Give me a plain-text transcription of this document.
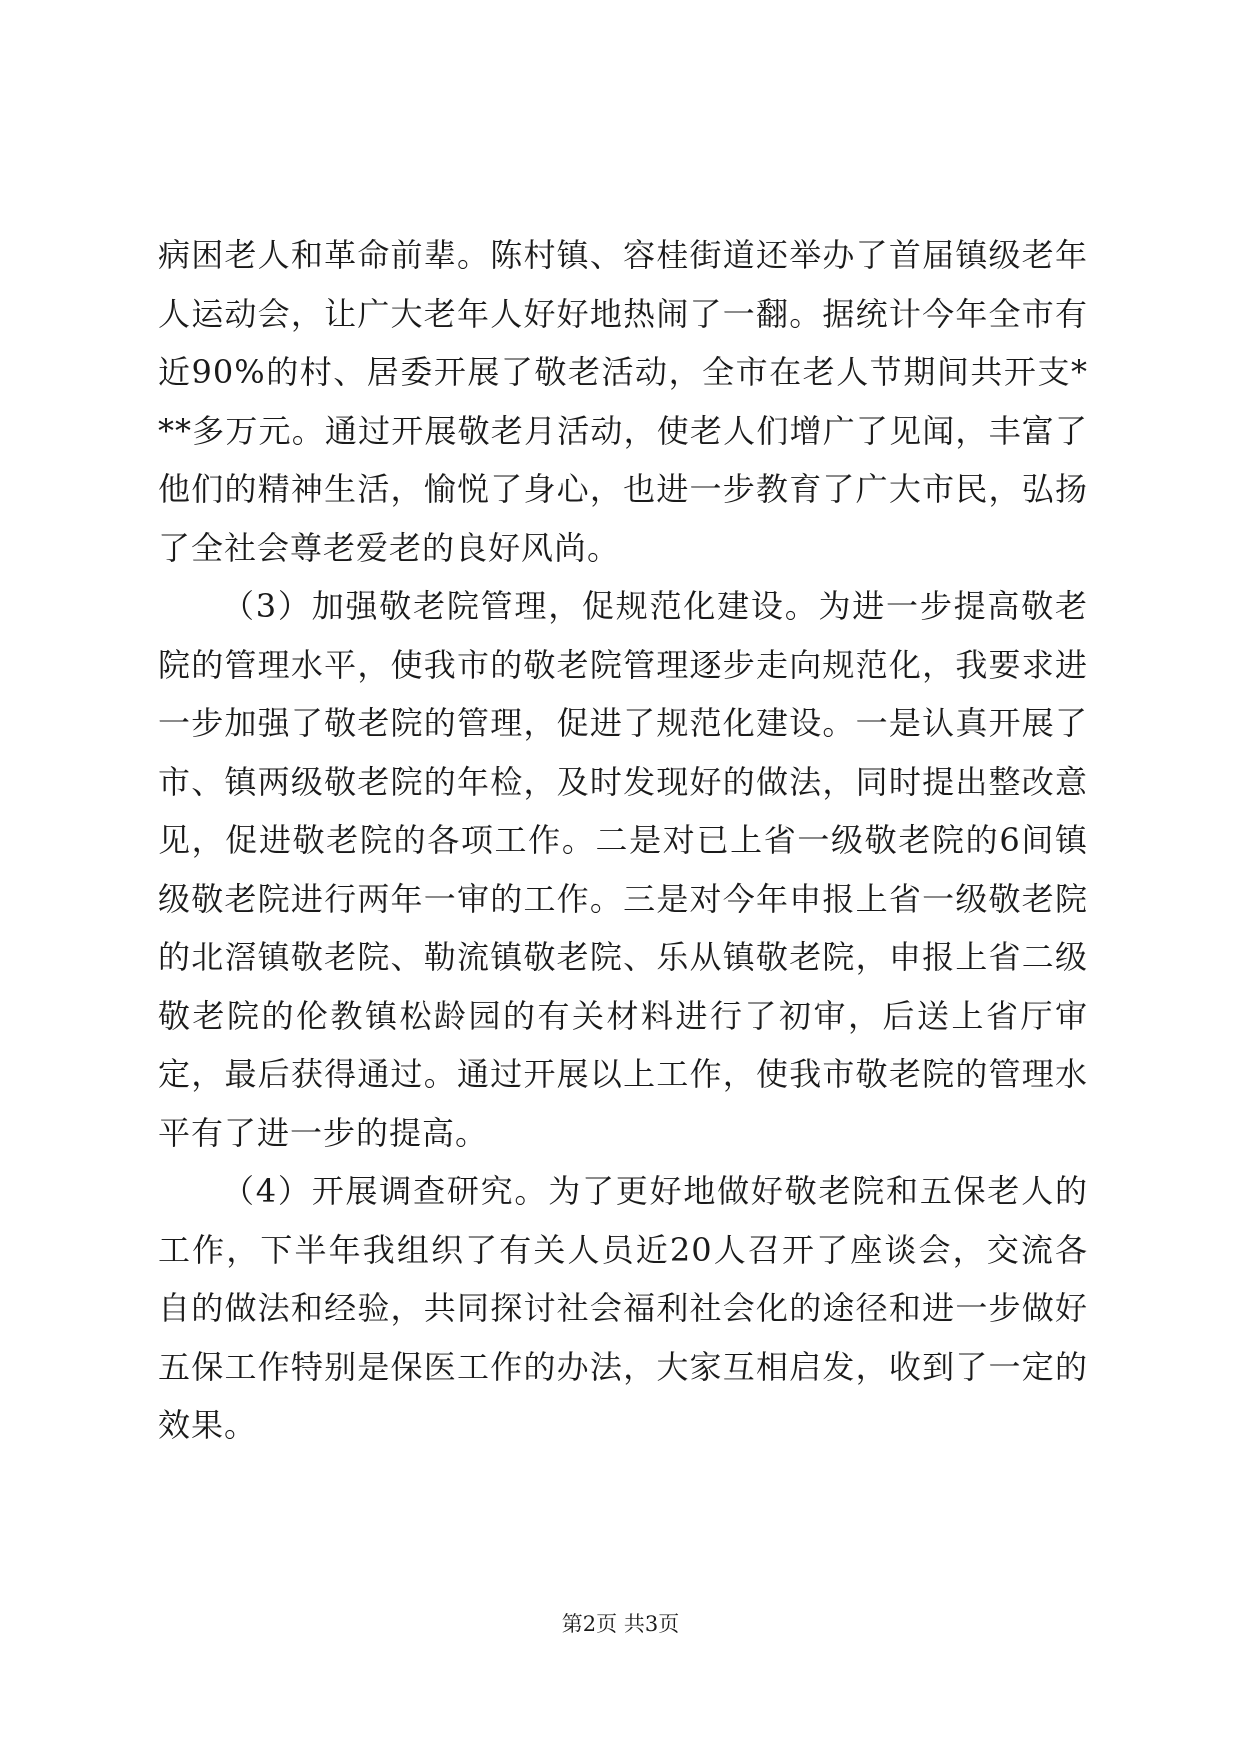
病困老人和革命前辈。陈村镇、容桂街道还举办了首届镇级老年人运动会，让广大老年人好好地热闹了一翻。据统计今年全市有近90%的村、居委开展了敬老活动，全市在老人节期间共开支***多万元。通过开展敬老月活动，使老人们增广了见闻，丰富了他们的精神生活，愉悦了身心，也进一步教育了广大市民，弘扬了全社会尊老爱老的良好风尚。

（3）加强敬老院管理，促规范化建设。为进一步提高敬老院的管理水平，使我市的敬老院管理逐步走向规范化，我要求进一步加强了敬老院的管理，促进了规范化建设。一是认真开展了市、镇两级敬老院的年检，及时发现好的做法，同时提出整改意见，促进敬老院的各项工作。二是对已上省一级敬老院的6间镇级敬老院进行两年一审的工作。三是对今年申报上省一级敬老院的北滘镇敬老院、勒流镇敬老院、乐从镇敬老院，申报上省二级敬老院的伦教镇松龄园的有关材料进行了初审，后送上省厅审定，最后获得通过。通过开展以上工作，使我市敬老院的管理水平有了进一步的提高。

（4）开展调查研究。为了更好地做好敬老院和五保老人的工作，下半年我组织了有关人员近20人召开了座谈会，交流各自的做法和经验，共同探讨社会福利社会化的途径和进一步做好五保工作特别是保医工作的办法，大家互相启发，收到了一定的效果。

第2页 共3页
